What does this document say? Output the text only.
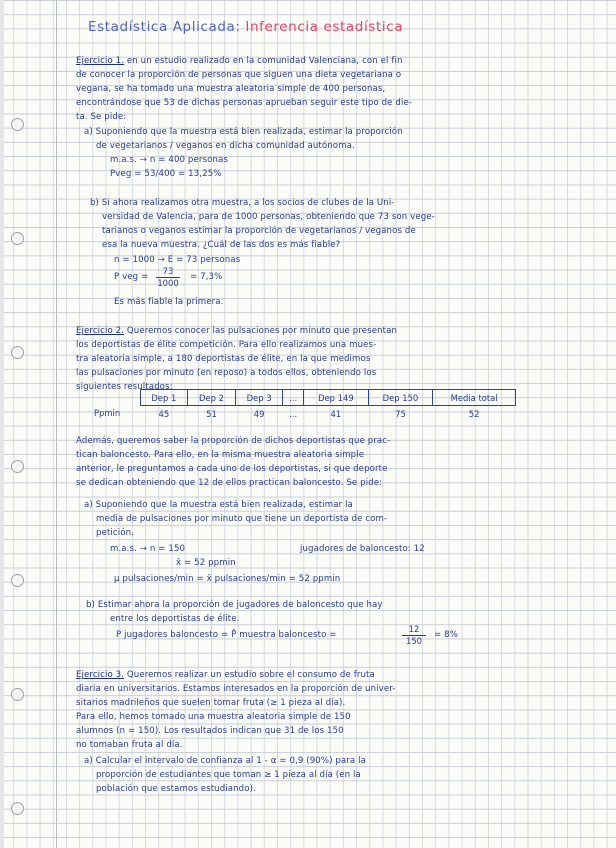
Estadística Aplicada: Inferencia estadística
Ejercicio 1. en un estudio realizado en la comunidad Valenciana, con el fin
de conocer la proporción de personas que siguen una dieta vegetariana o
vegana, se ha tomado una muestra aleatoria simple de 400 personas,
encontrándose que 53 de dichas personas aprueban seguir este tipo de die-
ta. Se pide:
a) Suponiendo que la muestra está bien realizada, estimar la proporción
de vegetarianos / veganos en dicha comunidad autónoma.
m.a.s. → n = 400 personas
Pveg = 53/400 = 13,25%
b) Si ahora realizamos otra muestra, a los socios de clubes de la Uni-
versidad de Valencia, para de 1000 personas, obteniendo que 73 son vege-
tarianos o veganos estimar la proporción de vegetarianos / veganos de
esa la nueva muestra. ¿Cuál de las dos es más fiable?
n = 1000 → E = 73 personas
P veg =
73
1000
= 7,3%
Es más fiable la primera.
Ejercicio 2. Queremos conocer las pulsaciones por minuto que presentan
los deportistas de élite competición. Para ello realizamos una mues-
tra aleatoria simple, a 180 deportistas de élite, en la que medimos
las pulsaciones por minuto (en reposo) a todos ellos, obteniendo los
siguientes resultados:
	Dep 1	Dep 2	Dep 3	...	Dep 149	Dep 150	Media total
Ppmin	45	51	49	...	41	75	52
Además, queremos saber la proporción de dichos deportistas que prac-
tican baloncesto. Para ello, en la misma muestra aleatoria simple
anterior, le preguntamos a cada uno de los deportistas, si que deporte
se dedican obteniendo que 12 de ellos practican baloncesto. Se pide:
a) Suponiendo que la muestra está bien realizada, estimar la
media de pulsaciones por minuto que tiene un deportista de com-
petición.
m.a.s. → n = 150	jugadores de baloncesto: 12
x̄ = 52 ppmin
μ pulsaciones/min = x̄ pulsaciones/min = 52 ppmin
b) Estimar ahora la proporción de jugadores de baloncesto que hay
entre los deportistas de élite.
P jugadores baloncesto = P̂ muestra baloncesto =
12
150
= 8%
Ejercicio 3. Queremos realizar un estudio sobre el consumo de fruta
diaria en universitarios. Estamos interesados en la proporción de univer-
sitarios madrileños que suelen tomar fruta (≥ 1 pieza al día).
Para ello, hemos tomado una muestra aleatoria simple de 150
alumnos (n = 150). Los resultados indican que 31 de los 150
no tomaban fruta al día.
a) Calcular el intervalo de confianza al 1 - α = 0,9 (90%) para la
proporción de estudiantes que toman ≥ 1 pieza al día (en la
población que estamos estudiando).
